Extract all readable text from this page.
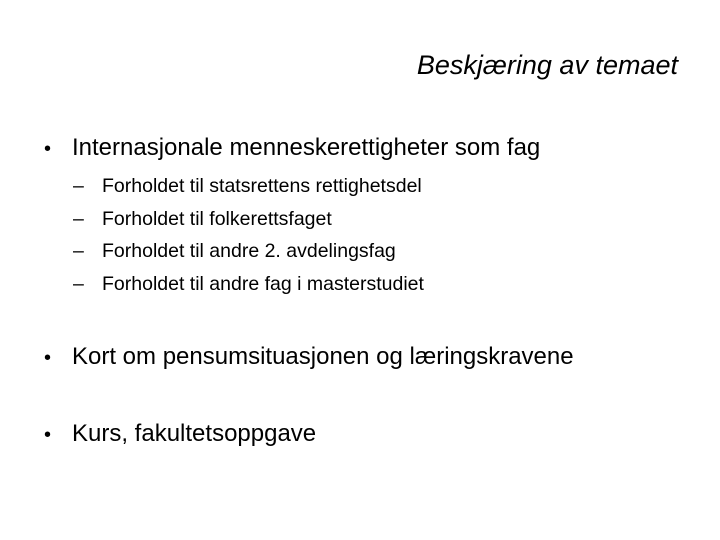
Beskjæring av temaet
• Internasjonale menneskerettigheter som fag
– Forholdet til statsrettens rettighetsdel
– Forholdet til folkerettsfaget
– Forholdet til andre 2. avdelingsfag
– Forholdet til andre fag i masterstudiet
• Kort om pensumsituasjonen og læringskravene
• Kurs, fakultetsoppgave
